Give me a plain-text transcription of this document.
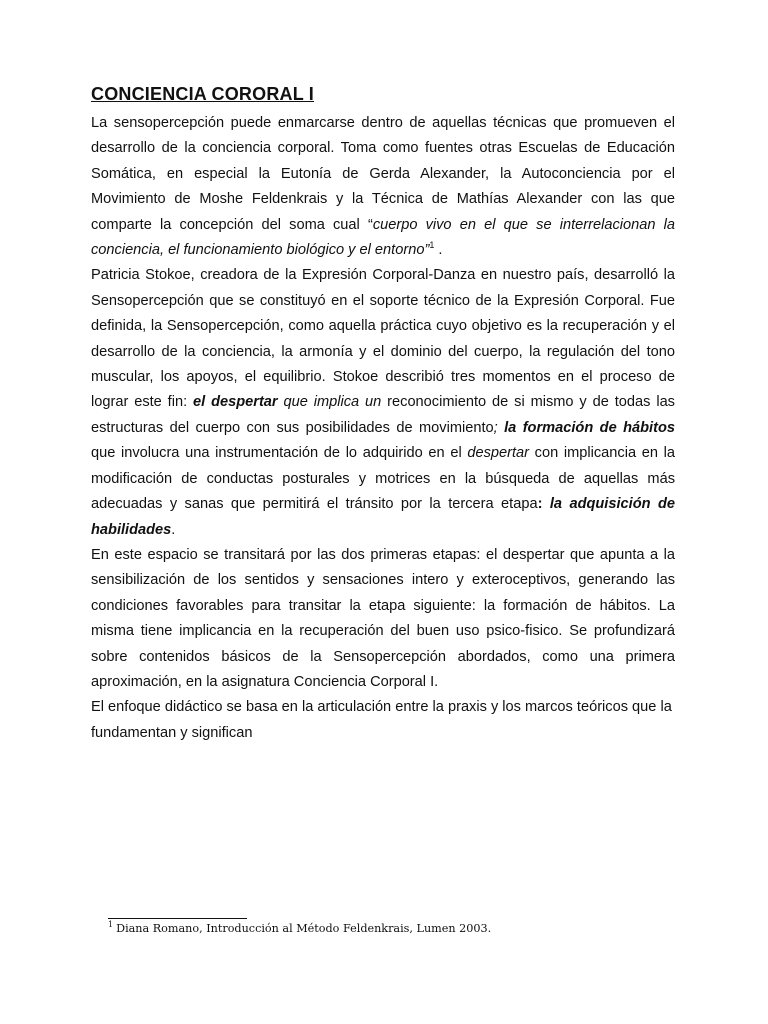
CONCIENCIA CORORAL I

La sensopercepción puede enmarcarse dentro de aquellas técnicas que promueven el desarrollo de la conciencia corporal. Toma como fuentes otras Escuelas de Educación Somática, en especial la Eutonía de Gerda Alexander, la Autoconciencia por el Movimiento de Moshe Feldenkrais y la Técnica de Mathías Alexander con las que comparte la concepción del soma cual “cuerpo vivo en el que se interrelacionan la conciencia, el funcionamiento biológico y el entorno”$^1$ .

Patricia Stokoe, creadora de la Expresión Corporal-Danza en nuestro país, desarrolló la Sensopercepción que se constituyó en el soporte técnico de la Expresión Corporal. Fue definida, la Sensopercepción, como aquella práctica cuyo objetivo es la recuperación y el desarrollo de la conciencia, la armonía y el dominio del cuerpo, la regulación del tono muscular, los apoyos, el equilibrio. Stokoe describió tres momentos en el proceso de lograr este fin: el despertar que implica un reconocimiento de si mismo y de todas las estructuras del cuerpo con sus posibilidades de movimiento; la formación de hábitos que involucra una instrumentación de lo adquirido en el despertar con implicancia en la modificación de conductas posturales y motrices en la búsqueda de aquellas más adecuadas y sanas que permitirá el tránsito por la tercera etapa: la adquisición de habilidades.

En este espacio se transitará por las dos primeras etapas: el despertar que apunta a la sensibilización de los sentidos y sensaciones intero y exteroceptivos, generando las condiciones favorables para transitar la etapa siguiente: la formación de hábitos. La misma tiene implicancia en la recuperación del buen uso psico-fisico. Se profundizará sobre contenidos básicos de la Sensopercepción abordados, como una primera aproximación, en la asignatura Conciencia Corporal I.

El enfoque didáctico se basa en la articulación entre la praxis y los marcos teóricos que la fundamentan y significan

$^1$ Diana Romano, Introducción al Método Feldenkrais, Lumen 2003.
